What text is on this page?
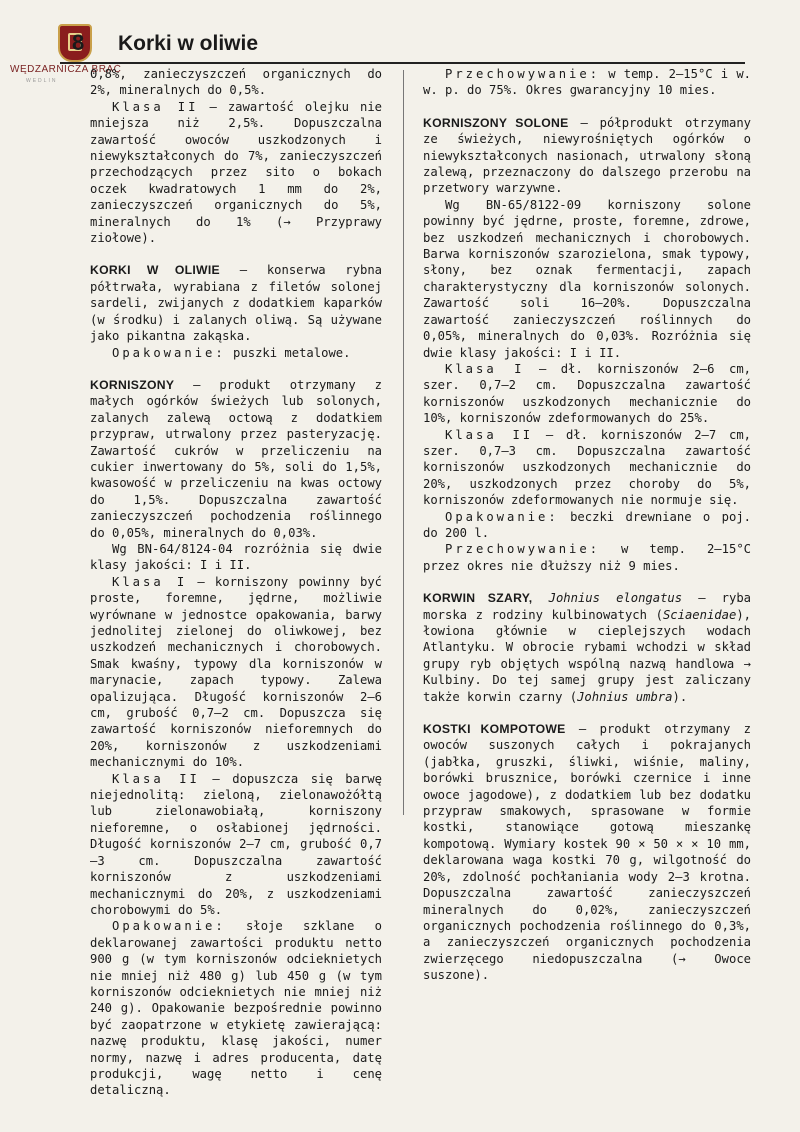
WĘDZARNICZA BRAĆ
WEDLIN
8 Korki w oliwie

0,8%, zanieczyszczeń organicznych do 2%, mineralnych do 0,5%.

Klasa II — zawartość olejku nie mniejsza niż 2,5%. Dopuszczalna zawartość owoców uszkodzonych i niewykształconych do 7%, zanieczyszczeń przechodzących przez sito o bokach oczek kwadratowych 1 mm do 2%, zanieczyszczeń organicznych do 5%, mineralnych do 1% (→ Przyprawy ziołowe).

KORKI W OLIWIE — konserwa rybna półtrwała, wyrabiana z filetów solonej sardeli, zwijanych z dodatkiem kaparków (w środku) i zalanych oliwą. Są używane jako pikantna zakąska.

Opakowanie: puszki metalowe.

KORNISZONY — produkt otrzymany z małych ogórków świeżych lub solonych, zalanych zalewą octową z dodatkiem przypraw, utrwalony przez pasteryzację. Zawartość cukrów w przeliczeniu na cukier inwertowany do 5%, soli do 1,5%, kwasowość w przeliczeniu na kwas octowy do 1,5%. Dopuszczalna zawartość zanieczyszczeń pochodzenia roślinnego do 0,05%, mineralnych do 0,03%.

Wg BN-64/8124-04 rozróżnia się dwie klasy jakości: I i II.

Klasa I — korniszony powinny być proste, foremne, jędrne, możliwie wyrównane w jednostce opakowania, barwy jednolitej zielonej do oliwkowej, bez uszkodzeń mechanicznych i chorobowych. Smak kwaśny, typowy dla korniszonów w marynacie, zapach typowy. Zalewa opalizująca. Długość korniszonów 2—6 cm, grubość 0,7—2 cm. Dopuszcza się zawartość korniszonów nieforemnych do 20%, korniszonów z uszkodzeniami mechanicznymi do 10%.

Klasa II — dopuszcza się barwę niejednolitą: zieloną, zielonawożółtą lub zielonawobiałą, korniszony nieforemne, o osłabionej jędrności. Długość korniszonów 2—7 cm, grubość 0,7—3 cm. Dopuszczalna zawartość korniszonów z uszkodzeniami mechanicznymi do 20%, z uszkodzeniami chorobowymi do 5%.

Opakowanie: słoje szklane o deklarowanej zawartości produktu netto 900 g (w tym korniszonów odcieknietych nie mniej niż 480 g) lub 450 g (w tym korniszonów odcieknietych nie mniej niż 240 g). Opakowanie bezpośrednie powinno być zaopatrzone w etykietę zawierającą: nazwę produktu, klasę jakości, numer normy, nazwę i adres producenta, datę produkcji, wagę netto i cenę detaliczną.

Przechowywanie: w temp. 2—15°C i w. w. p. do 75%. Okres gwarancyjny 10 mies.

KORNISZONY SOLONE — półprodukt otrzymany ze świeżych, niewyrośniętych ogórków o niewykształconych nasionach, utrwalony słoną zalewą, przeznaczony do dalszego przerobu na przetwory warzywne.

Wg BN-65/8122-09 korniszony solone powinny być jędrne, proste, foremne, zdrowe, bez uszkodzeń mechanicznych i chorobowych. Barwa korniszonów szarozielona, smak typowy, słony, bez oznak fermentacji, zapach charakterystyczny dla korniszonów solonych. Zawartość soli 16—20%. Dopuszczalna zawartość zanieczyszczeń roślinnych do 0,05%, mineralnych do 0,03%. Rozróżnia się dwie klasy jakości: I i II.

Klasa I — dł. korniszonów 2—6 cm, szer. 0,7—2 cm. Dopuszczalna zawartość korniszonów uszkodzonych mechanicznie do 10%, korniszonów zdeformowanych do 25%.

Klasa II — dł. korniszonów 2—7 cm, szer. 0,7—3 cm. Dopuszczalna zawartość korniszonów uszkodzonych mechanicznie do 20%, uszkodzonych przez choroby do 5%, korniszonów zdeformowanych nie normuje się.

Opakowanie: beczki drewniane o poj. do 200 l.

Przechowywanie: w temp. 2—15°C przez okres nie dłuższy niż 9 mies.

KORWIN SZARY, Johnius elongatus — ryba morska z rodziny kulbinowatych (Sciaenidae), łowiona głównie w cieplejszych wodach Atlantyku. W obrocie rybami wchodzi w skład grupy ryb objętych wspólną nazwą handlowa → Kulbiny. Do tej samej grupy jest zaliczany także korwin czarny (Johnius umbra).

KOSTKI KOMPOTOWE — produkt otrzymany z owoców suszonych całych i pokrajanych (jabłka, gruszki, śliwki, wiśnie, maliny, borówki brusznice, borówki czernice i inne owoce jagodowe), z dodatkiem lub bez dodatku przypraw smakowych, sprasowane w formie kostki, stanowiące gotową mieszankę kompotową. Wymiary kostek 90 × 50 × × 10 mm, deklarowana waga kostki 70 g, wilgotność do 20%, zdolność pochłaniania wody 2—3 krotna. Dopuszczalna zawartość zanieczyszczeń mineralnych do 0,02%, zanieczyszczeń organicznych pochodzenia roślinnego do 0,3%, a zanieczyszczeń organicznych pochodzenia zwierzęcego niedopuszczalna (→ Owoce suszone).
